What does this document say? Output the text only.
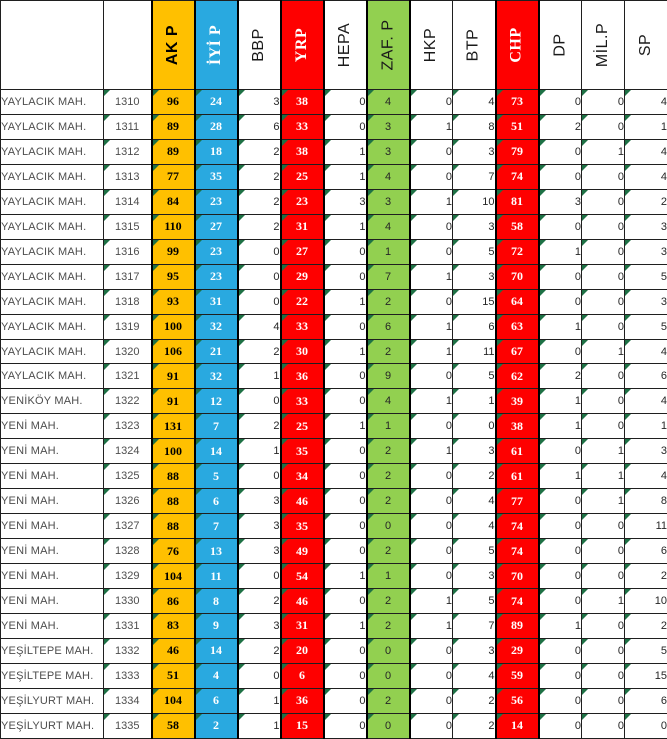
		AK P	İYİ P	BBP	YRP	HEPA	ZAF. P	HKP	BTP	CHP	DP	MİL.P	SP

YAYLACIK MAH.	1310	96	24	3	38	0	4	0	4	73	0	0	4
YAYLACIK MAH.	1311	89	28	6	33	0	3	1	8	51	2	0	1
YAYLACIK MAH.	1312	89	18	2	38	1	3	0	3	79	0	1	4
YAYLACIK MAH.	1313	77	35	2	25	1	4	0	7	74	0	0	4
YAYLACIK MAH.	1314	84	23	2	23	3	3	1	10	81	3	0	2
YAYLACIK MAH.	1315	110	27	2	31	1	4	0	3	58	0	0	3
YAYLACIK MAH.	1316	99	23	0	27	0	1	0	5	72	1	0	3
YAYLACIK MAH.	1317	95	23	0	29	0	7	1	3	70	0	0	5
YAYLACIK MAH.	1318	93	31	0	22	1	2	0	15	64	0	0	3
YAYLACIK MAH.	1319	100	32	4	33	0	6	1	6	63	1	0	5
YAYLACIK MAH.	1320	106	21	2	30	1	2	1	11	67	0	1	4
YAYLACIK MAH.	1321	91	32	1	36	0	9	0	5	62	2	0	6
YENİKÖY MAH.	1322	91	12	0	33	0	4	1	1	39	1	0	4
YENİ MAH.	1323	131	7	2	25	1	1	0	0	38	1	0	1
YENİ MAH.	1324	100	14	1	35	0	2	1	3	61	0	1	3
YENİ MAH.	1325	88	5	0	34	0	2	0	2	61	1	1	4
YENİ MAH.	1326	88	6	3	46	0	2	0	4	77	0	1	8
YENİ MAH.	1327	88	7	3	35	0	0	0	4	74	0	0	11
YENİ MAH.	1328	76	13	3	49	0	2	0	5	74	0	0	6
YENİ MAH.	1329	104	11	0	54	1	1	0	3	70	0	0	2
YENİ MAH.	1330	86	8	2	46	0	2	1	5	74	0	1	10
YENİ MAH.	1331	83	9	3	31	1	2	1	7	89	1	0	2
YEŞİLTEPE MAH.	1332	46	14	2	20	0	0	0	3	29	0	0	5
YEŞİLTEPE MAH.	1333	51	4	0	6	0	0	0	4	59	0	0	15
YEŞİLYURT MAH.	1334	104	6	1	36	0	2	0	2	56	0	0	6
YEŞİLYURT MAH.	1335	58	2	1	15	0	0	0	2	14	0	0	0
